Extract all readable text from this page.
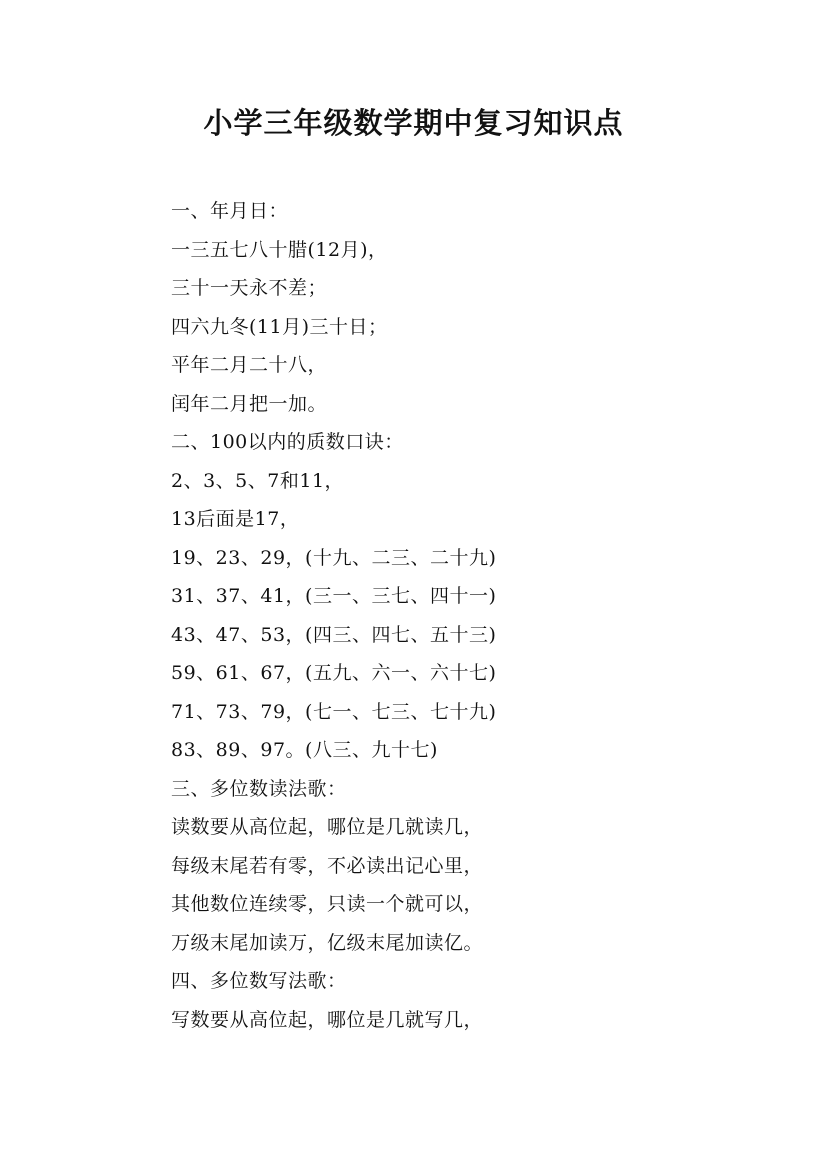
小学三年级数学期中复习知识点
一、年月日：
一三五七八十腊(12月)，
三十一天永不差；
四六九冬(11月)三十日；
平年二月二十八，
闰年二月把一加。
二、100以内的质数口诀：
2、3、5、7和11，
13后面是17，
19、23、29，(十九、二三、二十九)
31、37、41，(三一、三七、四十一)
43、47、53，(四三、四七、五十三)
59、61、67，(五九、六一、六十七)
71、73、79，(七一、七三、七十九)
83、89、97。(八三、九十七)
三、多位数读法歌：
读数要从高位起，哪位是几就读几，
每级末尾若有零，不必读出记心里，
其他数位连续零，只读一个就可以，
万级末尾加读万，亿级末尾加读亿。
四、多位数写法歌：
写数要从高位起，哪位是几就写几，
